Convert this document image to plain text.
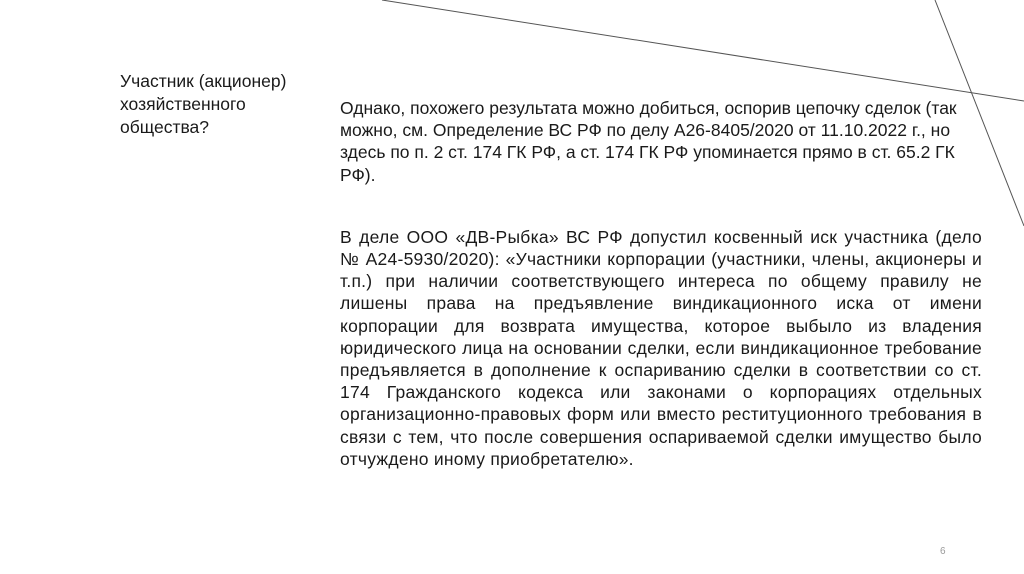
Участник (акционер) хозяйственного общества?

Однако, похожего результата можно добиться, оспорив цепочку сделок (так можно, см. Определение ВС РФ по делу А26-8405/2020 от 11.10.2022 г., но здесь по п. 2 ст. 174 ГК РФ, а ст. 174 ГК РФ упоминается прямо в ст. 65.2 ГК РФ).

В деле ООО «ДВ-Рыбка» ВС РФ допустил косвенный иск участника (дело № А24-5930/2020): «Участники корпорации (участники, члены, акционеры и т.п.) при наличии соответствующего интереса по общему правилу не лишены права на предъявление виндикационного иска от имени корпорации для возврата имущества, которое выбыло из владения юридического лица на основании сделки, если виндикационное требование предъявляется в дополнение к оспариванию сделки в соответствии со ст. 174 Гражданского кодекса или законами о корпорациях отдельных организационно-правовых форм или вместо реституционного требования в связи с тем, что после совершения оспариваемой сделки имущество было отчуждено иному приобретателю».

6
